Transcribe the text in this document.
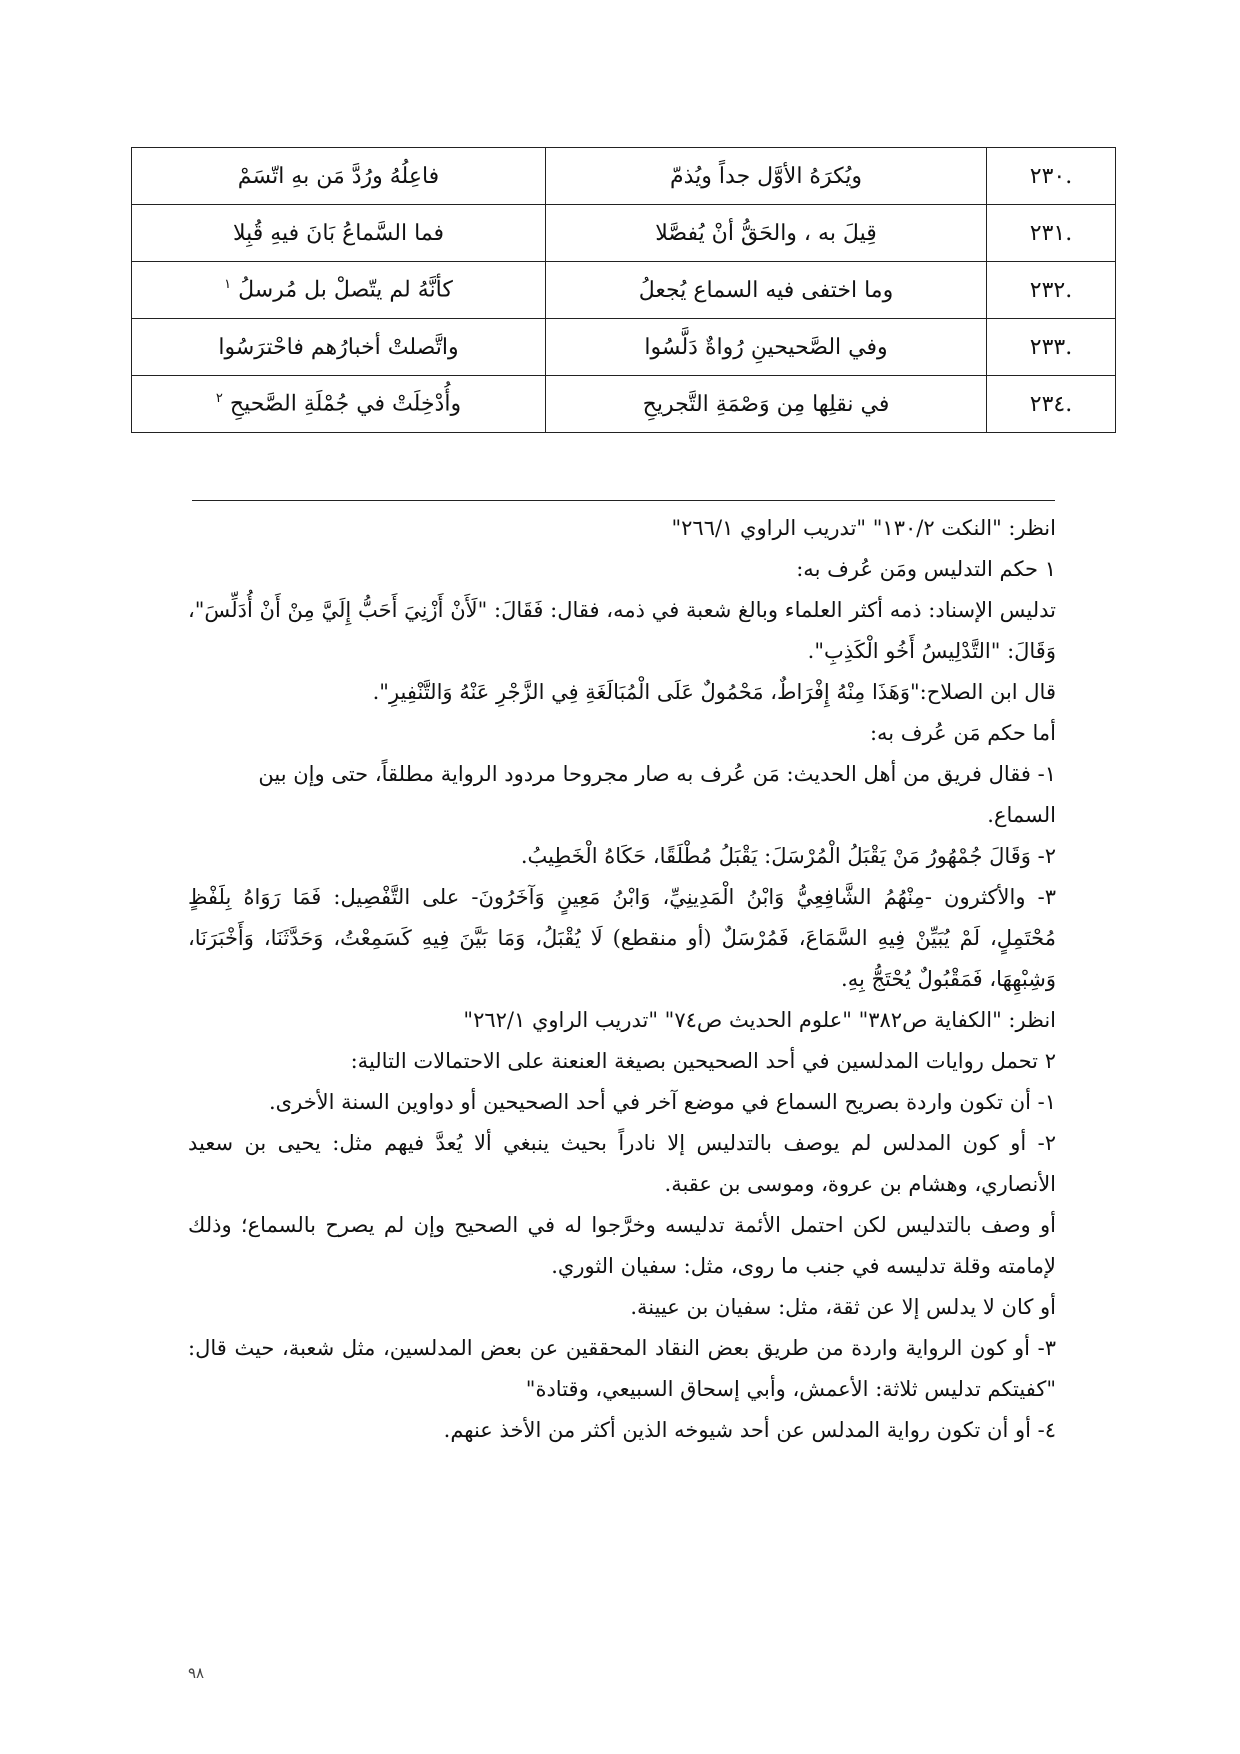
.٢٣٠	ويُكرَهُ الأوَّل جداً ويُذمّ	فاعِلُهُ ورُدَّ مَن بهِ اتّسَمْ
.٢٣١	قِيلَ به ، والحَقُّ أنْ يُفصَّلا	فما السَّماعُ بَانَ فيهِ قُبِلا
.٢٣٢	وما اختفى فيه السماع يُجعلُ	كأنَّهُ لم يتّصلْ بل مُرسلُ $^١$
.٢٣٣	وفي الصَّحيحينِ رُواةٌ دَلَّسُوا	واتَّصلتْ أخبارُهم فاحْترَسُوا
.٢٣٤	في نقلِها مِن وَصْمَةِ التَّجريحِ	وأُدْخِلَتْ في جُمْلَةِ الصَّحيحِ $^٢$

انظر: "النكت ١٣٠/٢" "تدريب الراوي ٢٦٦/١"

١ حكم التدليس ومَن عُرف به:

تدليس الإسناد: ذمه أكثر العلماء وبالغ شعبة في ذمه، فقال: فَقَالَ: "لَأَنْ أَزْنِيَ أَحَبُّ إِلَيَّ مِنْ أَنْ أُدَلِّسَ"، وَقَالَ: "التَّدْلِيسُ أَخُو الْكَذِبِ".

قال ابن الصلاح:"وَهَذَا مِنْهُ إِفْرَاطٌ، مَحْمُولٌ عَلَى الْمُبَالَغَةِ فِي الزَّجْرِ عَنْهُ وَالتَّنْفِيرِ".

أما حكم مَن عُرف به:

١- فقال فريق من أهل الحديث: مَن عُرف به صار مجروحا مردود الرواية مطلقاً، حتى وإن بين السماع.

٢- وَقَالَ جُمْهُورُ مَنْ يَقْبَلُ الْمُرْسَلَ: يَقْبَلُ مُطْلَقًا، حَكَاهُ الْخَطِيبُ.

٣- والأكثرون -مِنْهُمُ الشَّافِعِيُّ وَابْنُ الْمَدِينِيِّ، وَابْنُ مَعِينٍ وَآخَرُونَ- على التَّفْصِيل: فَمَا رَوَاهُ بِلَفْظٍ مُحْتَمِلٍ، لَمْ يُبَيِّنْ فِيهِ السَّمَاعَ، فَمُرْسَلٌ (أو منقطع) لَا يُقْبَلُ، وَمَا بَيَّنَ فِيهِ كَسَمِعْتُ، وَحَدَّثَنَا، وَأَخْبَرَنَا، وَشِبْهِهَا، فَمَقْبُولٌ يُحْتَجُّ بِهِ.

انظر: "الكفاية ص٣٨٢" "علوم الحديث ص٧٤" "تدريب الراوي ٢٦٢/١"

٢ تحمل روايات المدلسين في أحد الصحيحين بصيغة العنعنة على الاحتمالات التالية:

١- أن تكون واردة بصريح السماع في موضع آخر في أحد الصحيحين أو دواوين السنة الأخرى.

٢- أو كون المدلس لم يوصف بالتدليس إلا نادراً بحيث ينبغي ألا يُعدَّ فيهم مثل: يحيى بن سعيد الأنصاري، وهشام بن عروة، وموسى بن عقبة.

أو وصف بالتدليس لكن احتمل الأئمة تدليسه وخرَّجوا له في الصحيح وإن لم يصرح بالسماع؛ وذلك لإمامته وقلة تدليسه في جنب ما روى، مثل: سفيان الثوري.

أو كان لا يدلس إلا عن ثقة، مثل: سفيان بن عيينة.

٣- أو كون الرواية واردة من طريق بعض النقاد المحققين عن بعض المدلسين، مثل شعبة، حيث قال: "كفيتكم تدليس ثلاثة: الأعمش، وأبي إسحاق السبيعي، وقتادة"

٤- أو أن تكون رواية المدلس عن أحد شيوخه الذين أكثر من الأخذ عنهم.

٩٨
